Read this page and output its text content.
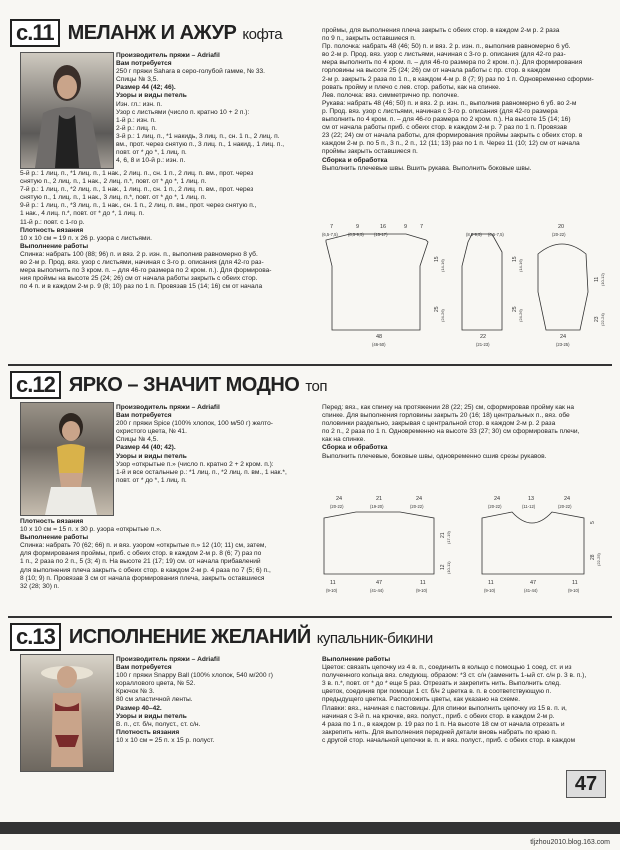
с.11 МЕЛАНЖ И АЖУР кофта
Производитель пряжи – Adriafil
Вам потребуется
250 г пряжи Sahara в серо-голубой гамме, № 33.
Спицы № 3,5.
Размер 44 (42; 46).
Узоры и виды петель
Изн. гл.: изн. п.
Узор с листьями (число п. кратно 10 + 2 п.):
1-й р.: изн. п.
2-й р.: лиц. п.
3-й р.: 1 лиц. п., *1 накидь, 3 лиц. п., сн. 1 п., 2 лиц. п.
вм., прот. через снятую п., 3 лиц. п., 1 накид., 1 лиц. п.,
повт. от * до *, 1 лиц. п.
4, 6, 8 и 10-й р.: изн. п.
5-й р.: 1 лиц. п., *1 лиц. п., 1 нак., 2 лиц. п., сн. 1 п., 2 лиц. п. вм., прот. через
снятую п., 2 лиц. п., 1 нак., 2 лиц. п.*, повт. от * до *, 1 лиц. п.
7-й р.: 1 лиц. п., *2 лиц. п., 1 нак., 1 лиц. п., сн. 1 п., 2 лиц. п. вм., прот. через
снятую п., 1 лиц. п., 1 нак., 3 лиц. п.*, повт. от * до *, 1 лиц. п.
9-й р.: 1 лиц. п., *3 лиц. п., 1 нак., сн. 1 п., 2 лиц. п. вм., прот. через снятую п.,
1 нак., 4 лиц. п.*, повт. от * до *, 1 лиц. п.
11-й р.: повт. с 1-го р.
Плотность вязания
10 х 10 см = 19 п. х 26 р. узора с листьями.
Выполнение работы
Спинка: набрать 100 (88; 96) п. и вяз. 2 р. изн. п., выполнив равномерно 8 уб.
во 2-м р. Прод. вяз. узор с листьями, начиная с 3-го р. описания (для 42-го раз-
мера выполнить по 3 кром. п. – для 46-го размера по 2 кром. п.). Для формирова-
ния проймы на высоте 25 (24; 26) см от начала работы закрыть с обеих стор.
по 4 п. и в каждом 2-м р. 9 (8; 10) раз по 1 п. Провязав 15 (14; 16) см от начала
проймы, для выполнения плеча закрыть с обеих стор. в каждом 2-м р. 2 раза
по 9 п., закрыть оставшиеся п.
Пр. полочка: набрать 48 (46; 50) п. и вяз. 2 р. изн. п., выполнив равномерно 6 уб.
во 2-м р. Прод. вяз. узор с листьями, начиная с 3-го р. описания (для 42-го раз-
мера выполнить по 4 кром. п. – для 46-го размера по 2 кром. п.). Для формирования
горловины на высоте 25 (24; 26) см от начала работы с пр. стор. в каждом
2-м р. закрыть 2 раза по 1 п., в каждом 4-м р. 8 (7; 9) раз по 1 п. Одновременно сформи-
ровать пройму и плечо с лев. стор. работы, как на спинке.
Лев. полочка: вяз. симметрично пр. полочке.
Рукава: набрать 48 (46; 50) п. и вяз. 2 р. изн. п., выполнив равномерно 6 уб. во 2-м
р. Прод. вяз. узор с листьями, начиная с 3-го р. описания (для 42-го размера
выполнить по 4 кром. п. – для 46-го размера по 2 кром. п.). На высоте 15 (14; 16)
см от начала работы приб. с обеих стор. в каждом 2-м р. 7 раз по 1 п. Провязав
23 (22; 24) см от начала работы, для формирования проймы закрыть с обеих стор. в
каждом 2-м р. по 5 п., 3 п., 2 п., 12 (11; 13) раз по 1 п. Через 11 (10; 12) см от начала
проймы закрыть оставшиеся п.
Сборка и обработка
Выполнить плечевые швы. Вшить рукава. Выполнить боковые швы.
7	9	16	9 7	20
(6,5-7,5) (8,5-9,5) (15-17)	(8,5-9,5) (6,5-7,5)	(20-22)
48
(46-50)
22
(21-23)
24
(23-25)
15 (14-16)
25 (24-26)
15 (14-16)
25 (24-26)
11 (10-12)
23 (22-24)
с.12 ЯРКО – ЗНАЧИТ МОДНО топ
Производитель пряжи – Adriafil
Вам потребуется
200 г пряжи Spice (100% хлопок, 100 м/50 г) желто-
охристого цвета, № 41.
Спицы № 4,5.
Размер 44 (40; 42).
Узоры и виды петель
Узор «открытые п.» (число п. кратно 2 + 2 кром. п.):
1-й и все остальные р.: *1 лиц. п., *2 лиц. п. вм., 1 нак.*,
повт. от * до *, 1 лиц. п.
Плотность вязания
10 х 10 см = 15 п. х 30 р. узора «открытые п.».
Выполнение работы
Спинка: набрать 70 (62; 66) п. и вяз. узором «открытые п.» 12 (10; 11) см, затем,
для формирования проймы, приб. с обеих стор. в каждом 2-м р. 8 (6; 7) раз по
1 п., 2 раза по 2 п., 5 (3; 4) п. На высоте 21 (17; 19) см. от начала прибавлений
для выполнения плеча закрыть с обеих стор. в каждом 2-м р. 4 раза по 7 (5; 6) п.,
8 (10; 9) п. Провязав 3 см от начала формирования плеча, закрыть оставшиеся
32 (28; 30) п.
Перед: вяз., как спинку на протяжении 28 (22; 25) см, сформировав пройму как на
спинке. Для выполнения горловины закрыть 20 (16; 18) центральных п., вяз. обе
половинки раздельно, закрывая с центральной стор. в каждом 2-м р. 2 раза
по 2 п., 2 раза по 1 п. Одновременно на высоте 33 (27; 30) см сформировать плечи,
как на спинке.
Сборка и обработка
Выполнить плечевые, боковые швы, одновременно сшив срезы рукавов.
24	21	24	24	13	24
(20-22)	(19-20)	(20-22)	(20-22)	(11-12)	(20-22)
11	47	11	11	47	11
(9-10)	(41-44)	(9-10)	(9-10)	(41-44)	(9-10)
21 (17-19)
12 (10-11)
5
28 (22-25)
с.13 ИСПОЛНЕНИЕ ЖЕЛАНИЙ купальник-бикини
Производитель пряжи – Adriafil
Вам потребуется
100 г пряжи Snappy Ball (100% хлопок, 540 м/200 г)
кораллового цвета, № 52.
Крючок № 3.
80 см эластичной ленты.
Размер 40–42.
Узоры и виды петель
В. п., ст. б/н, полуст., ст. с/н.
Плотность вязания
10 х 10 см = 25 п. х 15 р. полуст.
Выполнение работы
Цветок: связать цепочку из 4 в. п., соединить в кольцо с помощью 1 соед. ст. и из
полученного кольца вяз. следующ. образом: *3 ст. с/н (заменить 1-ый ст. с/н р. 3 в. п.),
3 в. п.*, повт. от * до * еще 5 раз. Отрезать и закрепить нить. Выполнить след.
цветок, соединив при помощи 1 ст. б/н 2 цветка в. п. в соответствующую п.
предыдущего цветка. Расположить цветы, как указано на схеме.
Плавки: вяз., начиная с пастовицы. Для спинки выполнить цепочку из 15 в. п. и,
начиная с 3-й п. на крючке, вяз. полуст., приб. с обеих стор. в каждом 2-м р.
4 раза по 1 п., в каждом р. 19 раз по 1 п. На высоте 18 см от начала отрезать и
закрепить нить. Для выполнения передней детали вновь набрать по краю п.
с другой стор. начальной цепочки в. п. и вяз. полуст., приб. с обеих стор. в каждом
47
tljzhou2010.blog.163.com
